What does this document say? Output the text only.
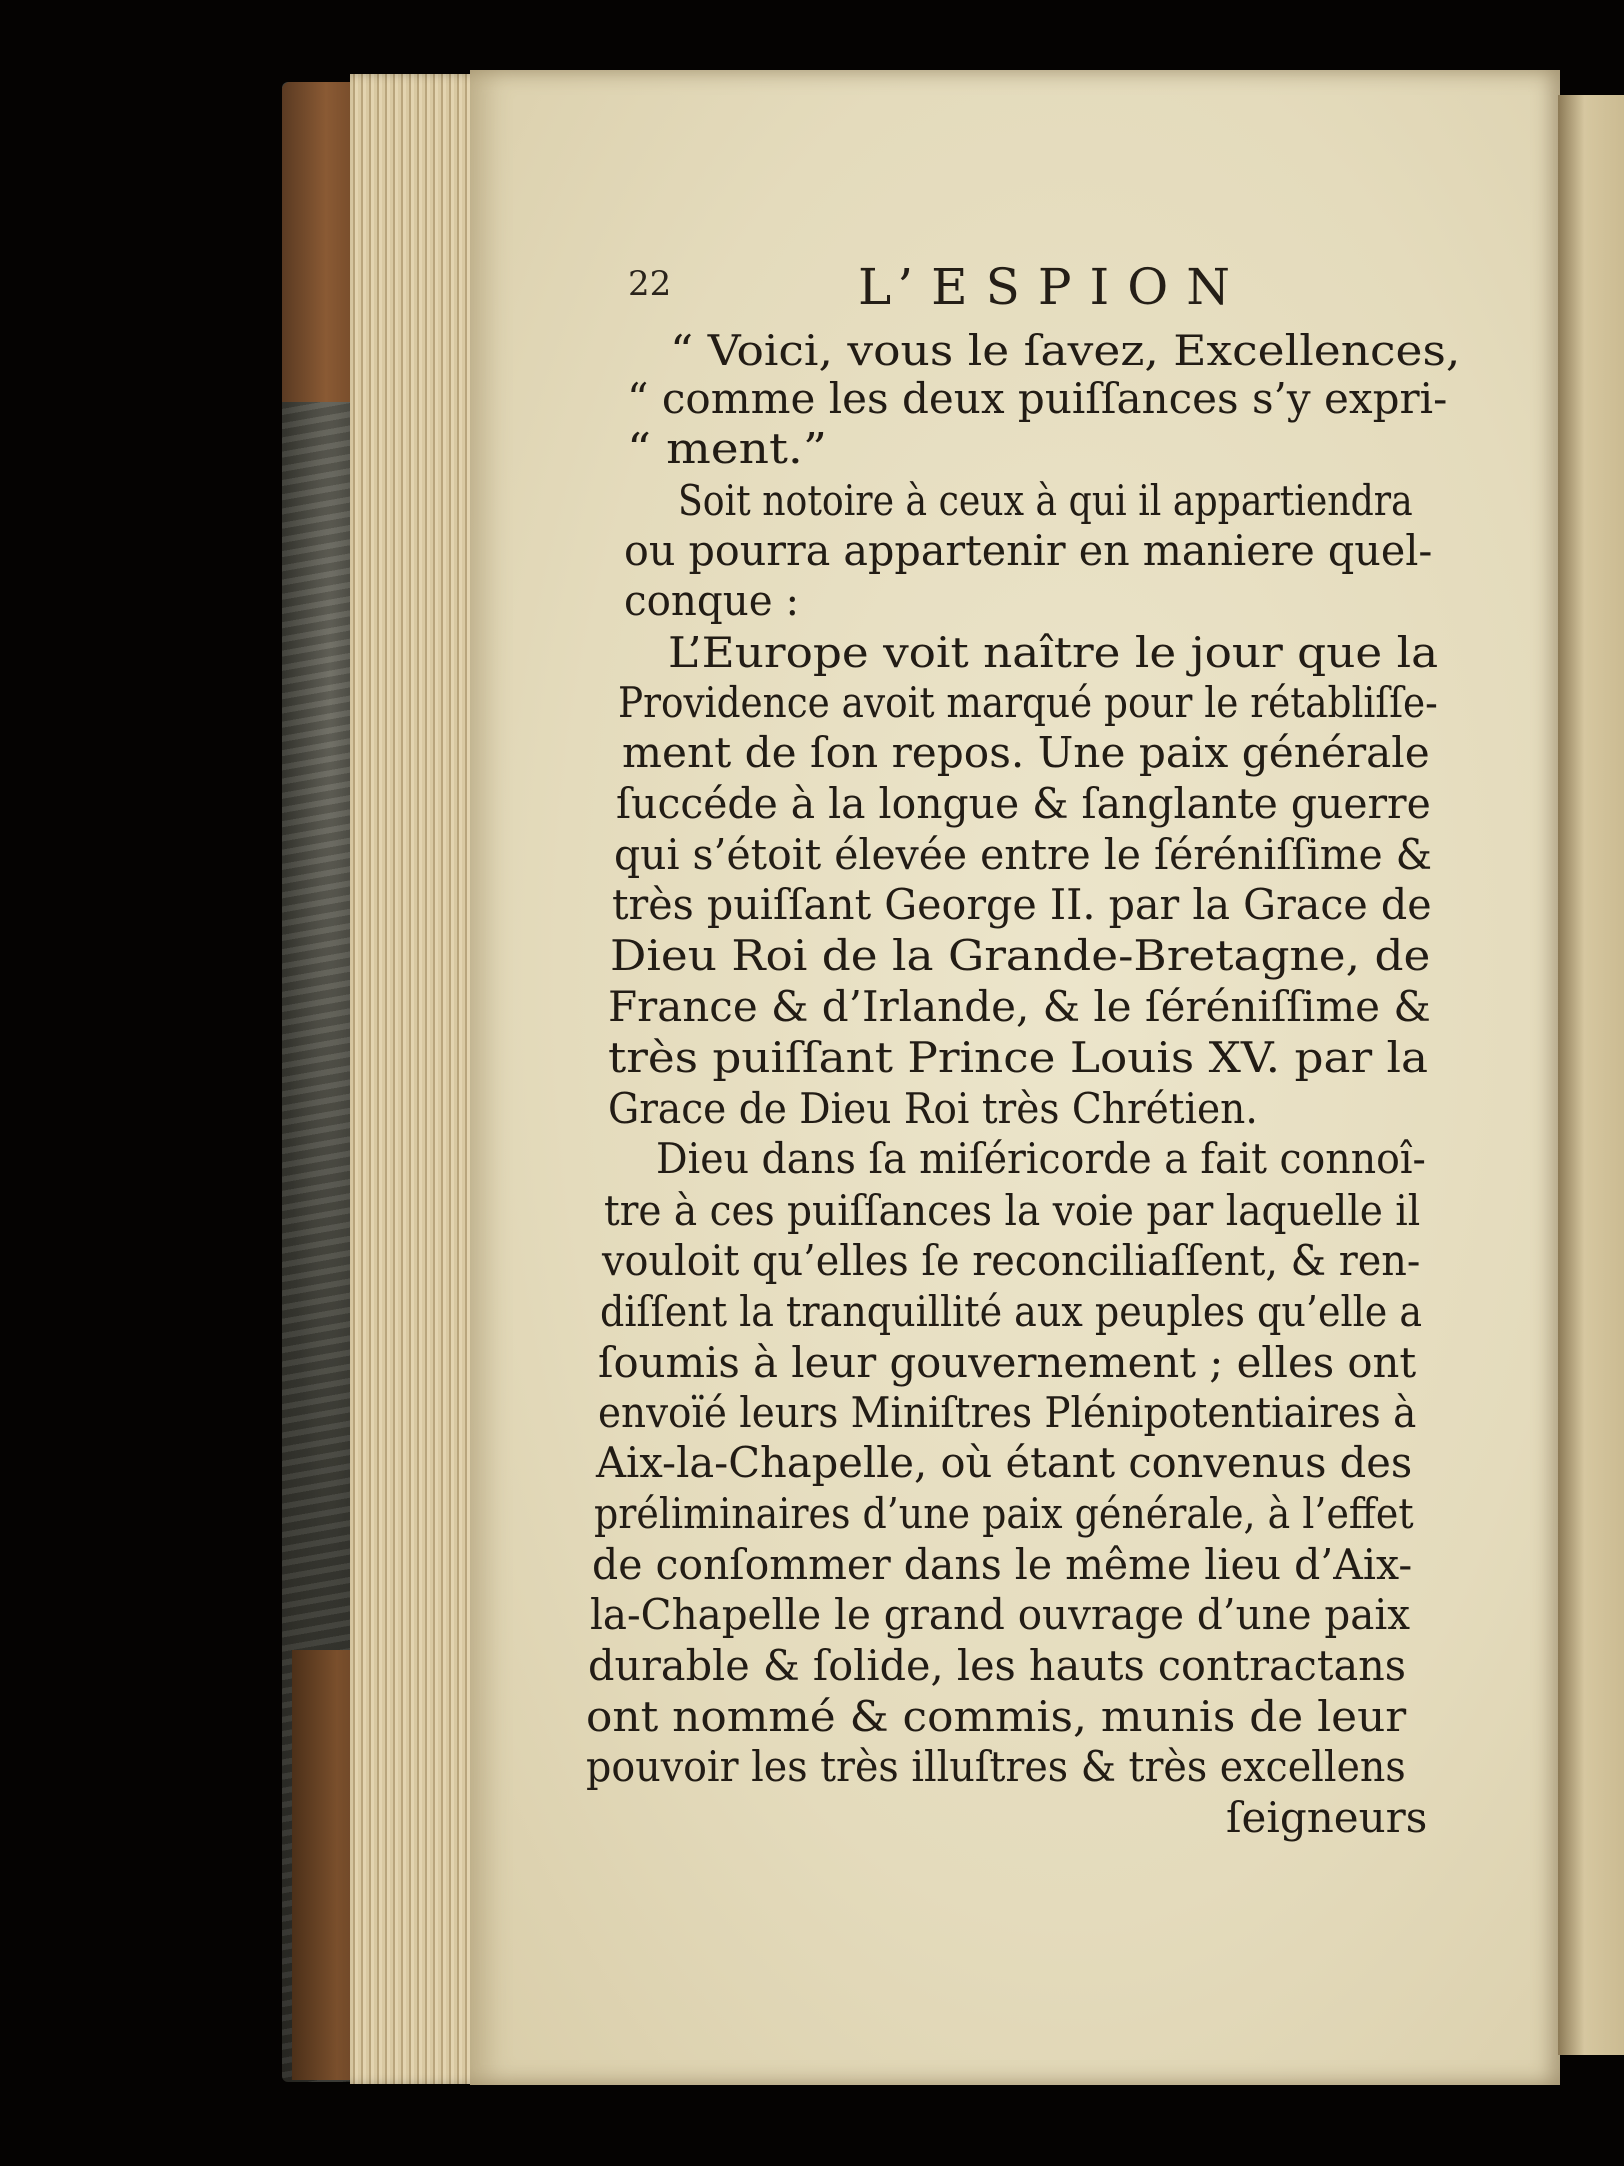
22	L’ESPION
“ Voici, vous le ſavez, Excellences,
“ comme les deux puiſſances s’y expri-
“ ment.”
Soit notoire à ceux à qui il appartiendra
ou pourra appartenir en maniere quel-
conque :
L’Europe voit naître le jour que la
Providence avoit marqué pour le rétabliſſe-
ment de ſon repos. Une paix générale
ſuccéde à la longue & ſanglante guerre
qui s’étoit élevée entre le ſéréniſſime &
très puiſſant George II. par la Grace de
Dieu Roi de la Grande-Bretagne, de
France & d’Irlande, & le ſéréniſſime &
très puiſſant Prince Louis XV. par la
Grace de Dieu Roi très Chrétien.
Dieu dans ſa miſéricorde a fait connoî-
tre à ces puiſſances la voie par laquelle il
vouloit qu’elles ſe reconciliaſſent, & ren-
diſſent la tranquillité aux peuples qu’elle a
ſoumis à leur gouvernement ; elles ont
envoïé leurs Miniſtres Plénipotentiaires à
Aix-la-Chapelle, où étant convenus des
préliminaires d’une paix générale, à l’effet
de conſommer dans le même lieu d’Aix-
la-Chapelle le grand ouvrage d’une paix
durable & ſolide, les hauts contractans
ont nommé & commis, munis de leur
pouvoir les très illuſtres & très excellens
ſeigneurs
